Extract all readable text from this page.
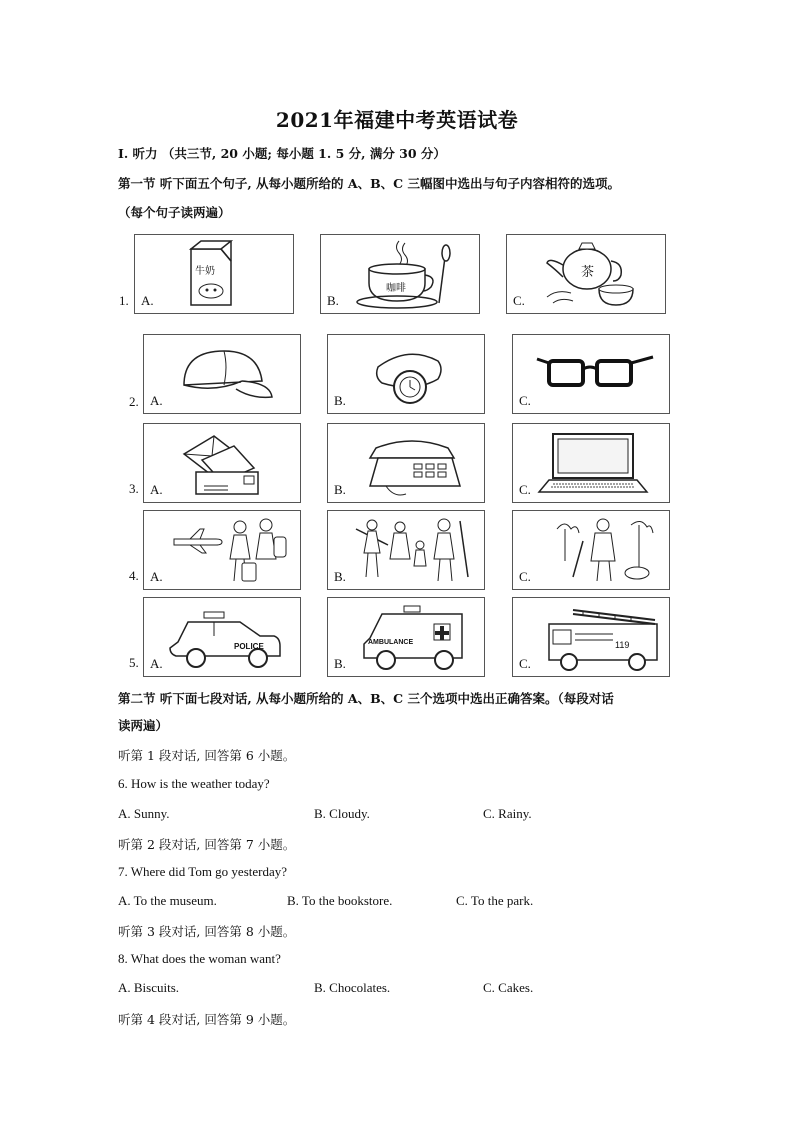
2021年福建中考英语试卷
I. 听力 （共三节, 20 小题; 每小题 1. 5 分, 满分 30 分）
第一节 听下面五个句子, 从每小题所给的 A、B、C 三幅图中选出与句子内容相符的选项。
（每个句子读两遍）
1.
牛奶
A.
咖啡
B.
茶
C.
2. A.	B.	C.
3. A.	B.	C.
4. A.	B.	C.
5.
POLICE
A.
AMBULANCE
B.
119
C.
第二节 听下面七段对话, 从每小题所给的 A、B、C 三个选项中选出正确答案。（每段对话
读两遍）
听第 1 段对话, 回答第 6 小题。
6. How is the weather today?
A. Sunny.	B. Cloudy.	C. Rainy.
听第 2 段对话, 回答第 7 小题。
7. Where did Tom go yesterday?
A. To the museum.	B. To the bookstore.	C. To the park.
听第 3 段对话, 回答第 8 小题。
8. What does the woman want?
A. Biscuits.	B. Chocolates.	C. Cakes.
听第 4 段对话, 回答第 9 小题。
